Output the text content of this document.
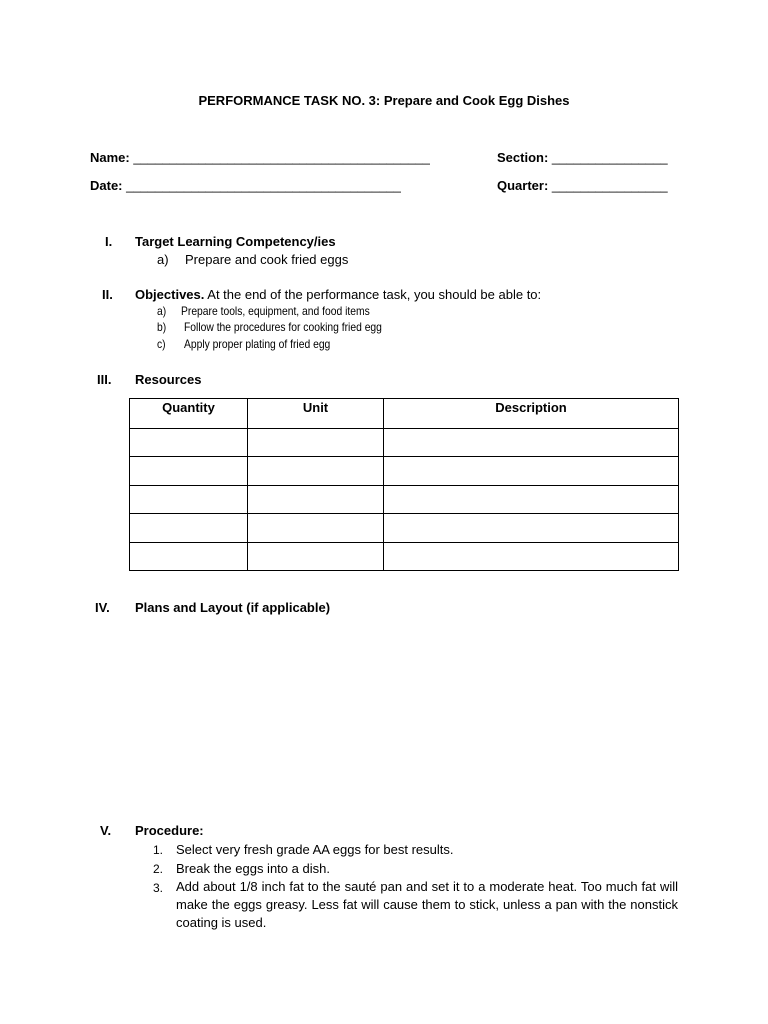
PERFORMANCE TASK NO. 3: Prepare and Cook Egg Dishes
Name: _________________________________________	Section: ________________
Date: ______________________________________	Quarter: ________________
I.	Target Learning Competency/ies
a) Prepare and cook fried eggs
II.	Objectives. At the end of the performance task, you should be able to:
a) Prepare tools, equipment, and food items
b) Follow the procedures for cooking fried egg
c) Apply proper plating of fried egg
III.	Resources
Quantity	Unit	Description

IV.	Plans and Layout (if applicable)
V.	Procedure:
1. Select very fresh grade AA eggs for best results.
2. Break the eggs into a dish.
3. Add about 1/8 inch fat to the sauté pan and set it to a moderate heat. Too much fat will make the eggs greasy. Less fat will cause them to stick, unless a pan with the nonstick coating is used.
